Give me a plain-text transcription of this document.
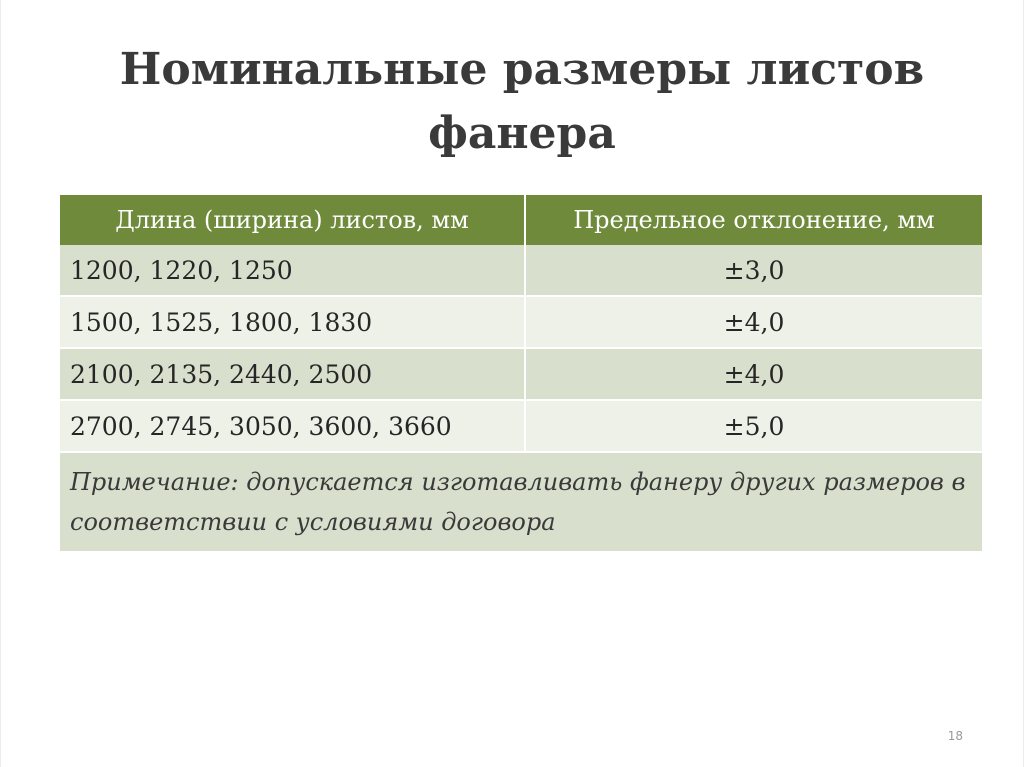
Номинальные размеры листов
фанера
Длина (ширина) листов, мм	Предельное отклонение, мм
1200, 1220, 1250	±3,0
1500, 1525, 1800, 1830	±4,0
2100, 2135, 2440, 2500	±4,0
2700, 2745, 3050, 3600, 3660	±5,0
Примечание: допускается изготавливать фанеру других размеров в соответствии с условиями договора	
18
